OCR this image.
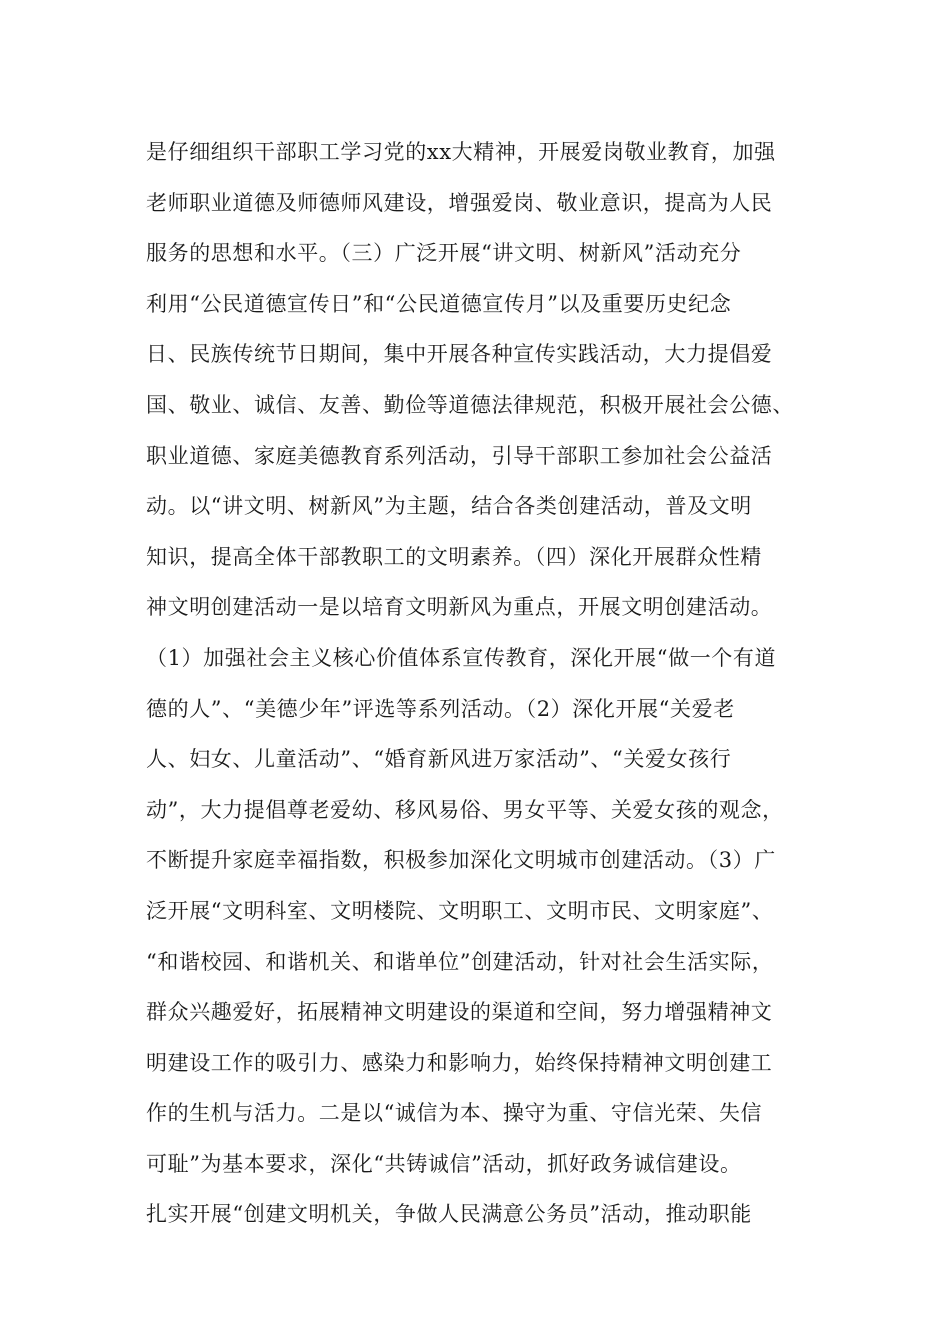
是仔细组织干部职工学习党的xx大精神，开展爱岗敬业教育，加强
老师职业道德及师德师风建设，增强爱岗、敬业意识，提高为人民
服务的思想和水平。（三）广泛开展“讲文明、树新风”活动充分
利用“公民道德宣传日”和“公民道德宣传月”以及重要历史纪念
日、民族传统节日期间，集中开展各种宣传实践活动，大力提倡爱
国、敬业、诚信、友善、勤俭等道德法律规范，积极开展社会公德、
职业道德、家庭美德教育系列活动，引导干部职工参加社会公益活
动。以“讲文明、树新风”为主题，结合各类创建活动，普及文明
知识，提高全体干部教职工的文明素养。（四）深化开展群众性精
神文明创建活动一是以培育文明新风为重点，开展文明创建活动。
（1）加强社会主义核心价值体系宣传教育，深化开展“做一个有道
德的人”、“美德少年”评选等系列活动。（2）深化开展“关爱老
人、妇女、儿童活动”、“婚育新风进万家活动”、“关爱女孩行
动”，大力提倡尊老爱幼、移风易俗、男女平等、关爱女孩的观念，
不断提升家庭幸福指数，积极参加深化文明城市创建活动。（3）广
泛开展“文明科室、文明楼院、文明职工、文明市民、文明家庭”、
“和谐校园、和谐机关、和谐单位”创建活动，针对社会生活实际，
群众兴趣爱好，拓展精神文明建设的渠道和空间，努力增强精神文
明建设工作的吸引力、感染力和影响力，始终保持精神文明创建工
作的生机与活力。二是以“诚信为本、操守为重、守信光荣、失信
可耻”为基本要求，深化“共铸诚信”活动，抓好政务诚信建设。
扎实开展“创建文明机关，争做人民满意公务员”活动，推动职能
